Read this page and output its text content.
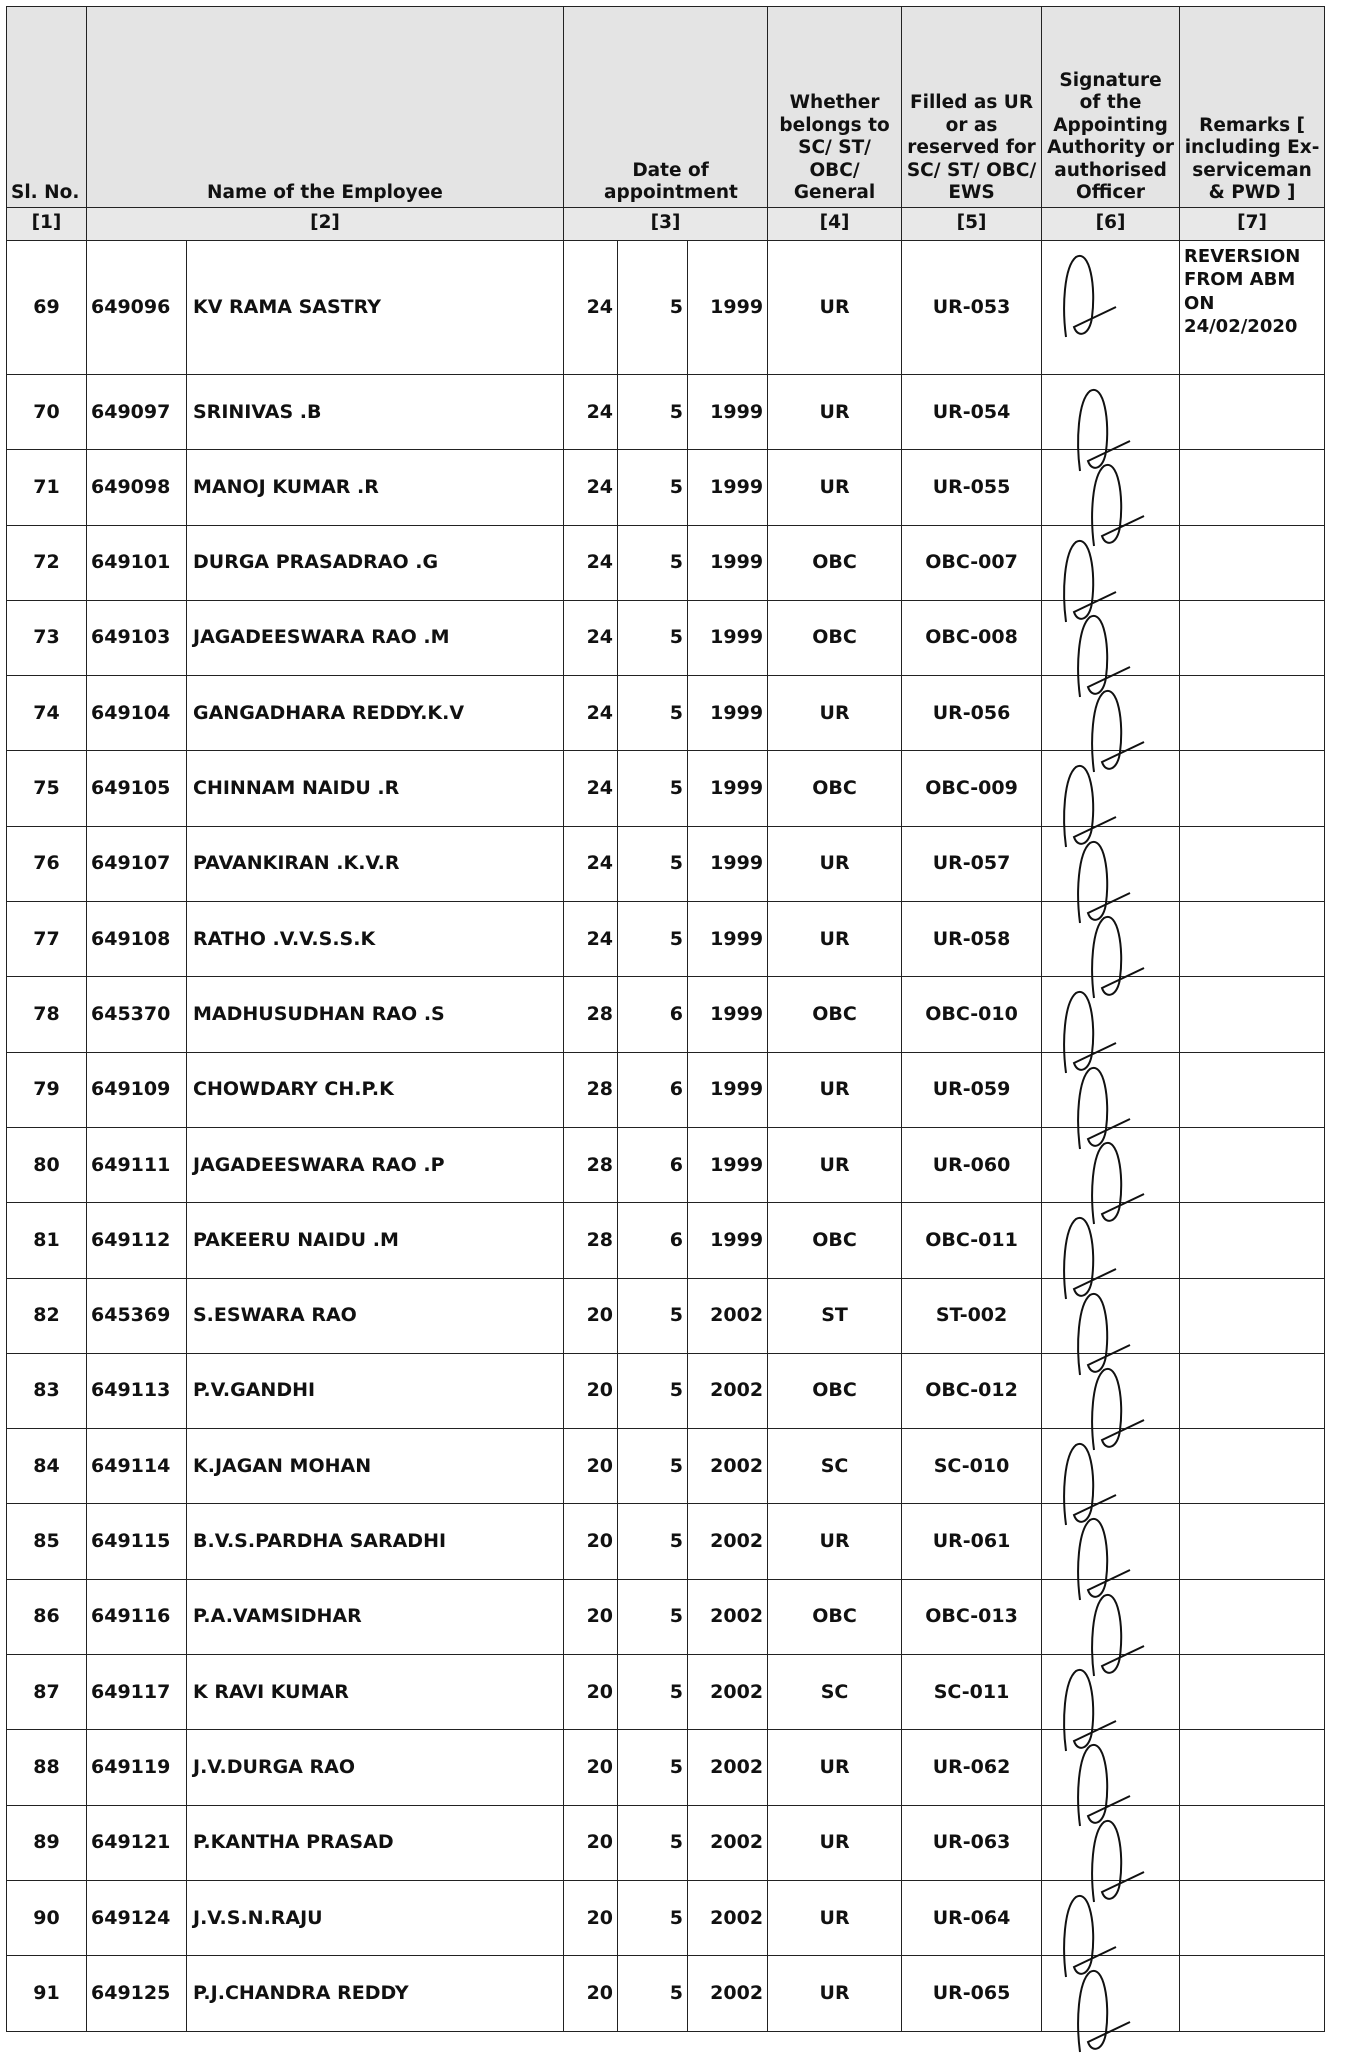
Sl. No.	Name of the Employee		Date of appointment			Whether belongs to SC/ ST/ OBC/ General	Filled as UR or as reserved for SC/ ST/ OBC/ EWS	Signature of the Appointing Authority or authorised Officer	Remarks [ including Ex-serviceman & PWD ]
[1]	[2]		[3]			[4]	[5]	[6]	[7]
69	649096	KV RAMA SASTRY	24	5	1999	UR	UR-053		REVERSION FROM ABM ON 24/02/2020
70	649097	SRINIVAS .B	24	5	1999	UR	UR-054	

71	649098	MANOJ KUMAR .R	24	5	1999	UR	UR-055	

72	649101	DURGA PRASADRAO .G	24	5	1999	OBC	OBC-007	

73	649103	JAGADEESWARA RAO .M	24	5	1999	OBC	OBC-008	

74	649104	GANGADHARA REDDY.K.V	24	5	1999	UR	UR-056	

75	649105	CHINNAM NAIDU .R	24	5	1999	OBC	OBC-009	

76	649107	PAVANKIRAN .K.V.R	24	5	1999	UR	UR-057	

77	649108	RATHO .V.V.S.S.K	24	5	1999	UR	UR-058	

78	645370	MADHUSUDHAN RAO .S	28	6	1999	OBC	OBC-010	

79	649109	CHOWDARY CH.P.K	28	6	1999	UR	UR-059	

80	649111	JAGADEESWARA RAO .P	28	6	1999	UR	UR-060	

81	649112	PAKEERU NAIDU .M	28	6	1999	OBC	OBC-011	

82	645369	S.ESWARA RAO	20	5	2002	ST	ST-002	

83	649113	P.V.GANDHI	20	5	2002	OBC	OBC-012	

84	649114	K.JAGAN MOHAN	20	5	2002	SC	SC-010	

85	649115	B.V.S.PARDHA SARADHI	20	5	2002	UR	UR-061	

86	649116	P.A.VAMSIDHAR	20	5	2002	OBC	OBC-013	

87	649117	K RAVI KUMAR	20	5	2002	SC	SC-011	

88	649119	J.V.DURGA RAO	20	5	2002	UR	UR-062	

89	649121	P.KANTHA PRASAD	20	5	2002	UR	UR-063	

90	649124	J.V.S.N.RAJU	20	5	2002	UR	UR-064	

91	649125	P.J.CHANDRA REDDY	20	5	2002	UR	UR-065	
